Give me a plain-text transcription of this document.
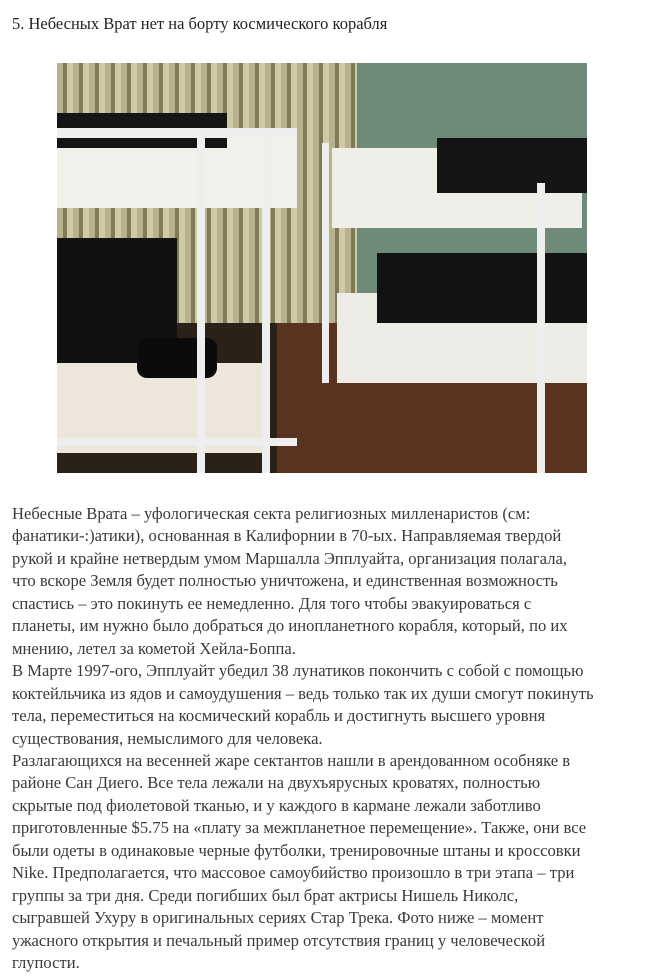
5. Небесных Врат нет на борту космического корабля

Небесные Врата – уфологическая секта религиозных милленаристов (см:
фанатики-:)атики), основанная в Калифорнии в 70-ых. Направляемая твердой
рукой и крайне нетвердым умом Маршалла Эпплуайта, организация полагала,
что вскоре Земля будет полностью уничтожена, и единственная возможность
спастись – это покинуть ее немедленно. Для того чтобы эвакуироваться с
планеты, им нужно было добраться до инопланетного корабля, который, по их
мнению, летел за кометой Хейла-Боппа.

В Марте 1997-ого, Эпплуайт убедил 38 лунатиков покончить с собой с помощью
коктейльчика из ядов и самоудушения – ведь только так их души смогут покинуть
тела, переместиться на космический корабль и достигнуть высшего уровня
существования, немыслимого для человека.

Разлагающихся на весенней жаре сектантов нашли в арендованном особняке в
районе Сан Диего. Все тела лежали на двухъярусных кроватях, полностью
скрытые под фиолетовой тканью, и у каждого в кармане лежали заботливо
приготовленные $5.75 на «плату за межпланетное перемещение». Также, они все
были одеты в одинаковые черные футболки, тренировочные штаны и кроссовки
Nike. Предполагается, что массовое самоубийство произошло в три этапа – три
группы за три дня. Среди погибших был брат актрисы Нишель Николс,
сыгравшей Ухуру в оригинальных сериях Стар Трека. Фото ниже – момент
ужасного открытия и печальный пример отсутствия границ у человеческой
глупости.
